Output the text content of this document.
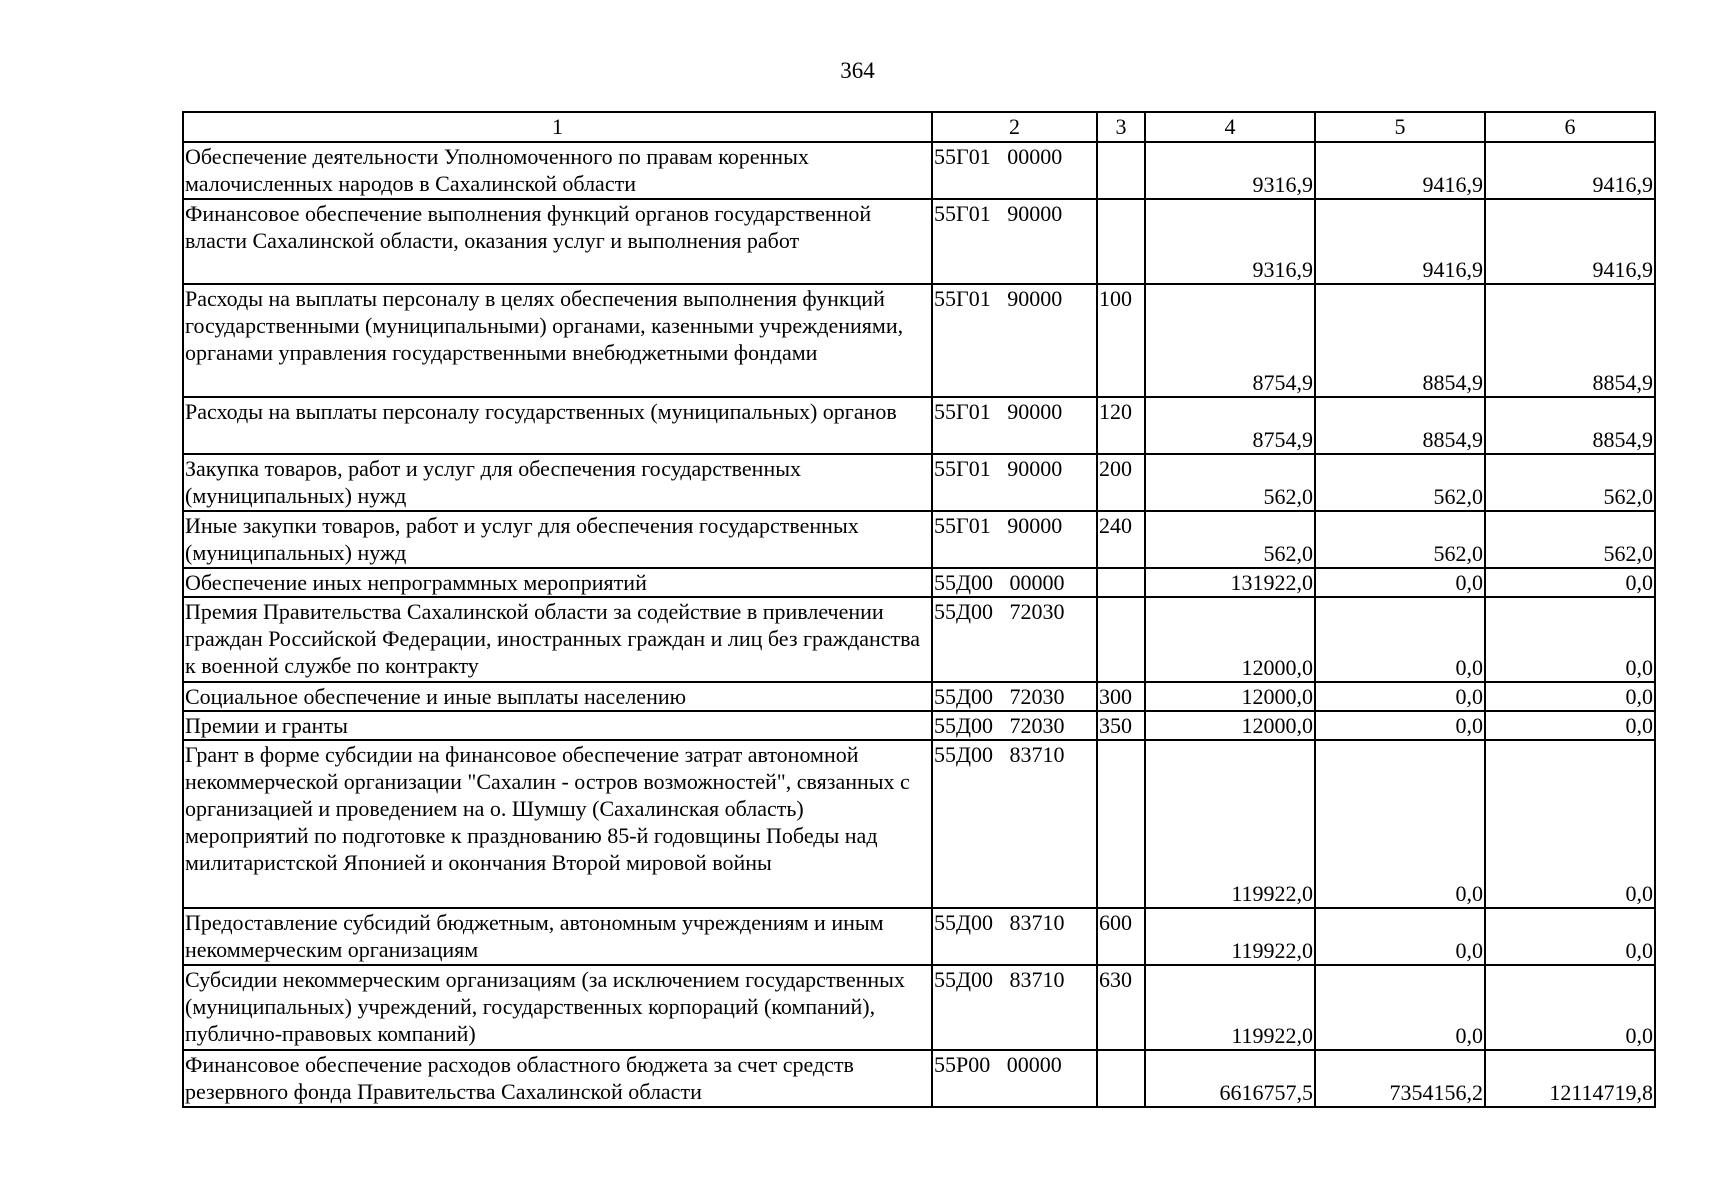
364
1	2	3	4	5	6
Обеспечение деятельности Уполномоченного по правам коренных малочисленных народов в Сахалинской области	55Г01   00000		9316,9	9416,9	9416,9
Финансовое обеспечение выполнения функций органов государственной власти Сахалинской области, оказания услуг и выполнения работ	55Г01   90000		9316,9	9416,9	9416,9
Расходы на выплаты персоналу в целях обеспечения выполнения функций государственными (муниципальными) органами, казенными учреждениями, органами управления государственными внебюджетными фондами	55Г01   90000	100	8754,9	8854,9	8854,9
Расходы на выплаты персоналу государственных (муниципальных) органов	55Г01   90000	120	8754,9	8854,9	8854,9
Закупка товаров, работ и услуг для обеспечения государственных (муниципальных) нужд	55Г01   90000	200	562,0	562,0	562,0
Иные закупки товаров, работ и услуг для обеспечения государственных (муниципальных) нужд	55Г01   90000	240	562,0	562,0	562,0
Обеспечение иных непрограммных мероприятий	55Д00   00000		131922,0	0,0	0,0
Премия Правительства Сахалинской области за содействие в привлечении граждан Российской Федерации, иностранных граждан и лиц без гражданства к военной службе по контракту	55Д00   72030		12000,0	0,0	0,0
Социальное обеспечение и иные выплаты населению	55Д00   72030	300	12000,0	0,0	0,0
Премии и гранты	55Д00   72030	350	12000,0	0,0	0,0
Грант в форме субсидии на финансовое обеспечение затрат автономной некоммерческой организации "Сахалин - остров возможностей", связанных с организацией и проведением на о. Шумшу (Сахалинская область) мероприятий по подготовке к празднованию 85-й годовщины Победы над милитаристской Японией и окончания Второй мировой войны	55Д00   83710		119922,0	0,0	0,0
Предоставление субсидий бюджетным, автономным учреждениям и иным некоммерческим организациям	55Д00   83710	600	119922,0	0,0	0,0
Субсидии некоммерческим организациям (за исключением государственных (муниципальных) учреждений, государственных корпораций (компаний), публично-правовых компаний)	55Д00   83710	630	119922,0	0,0	0,0
Финансовое обеспечение расходов областного бюджета за счет средств резервного фонда Правительства Сахалинской области	55Р00   00000		6616757,5	7354156,2	12114719,8
